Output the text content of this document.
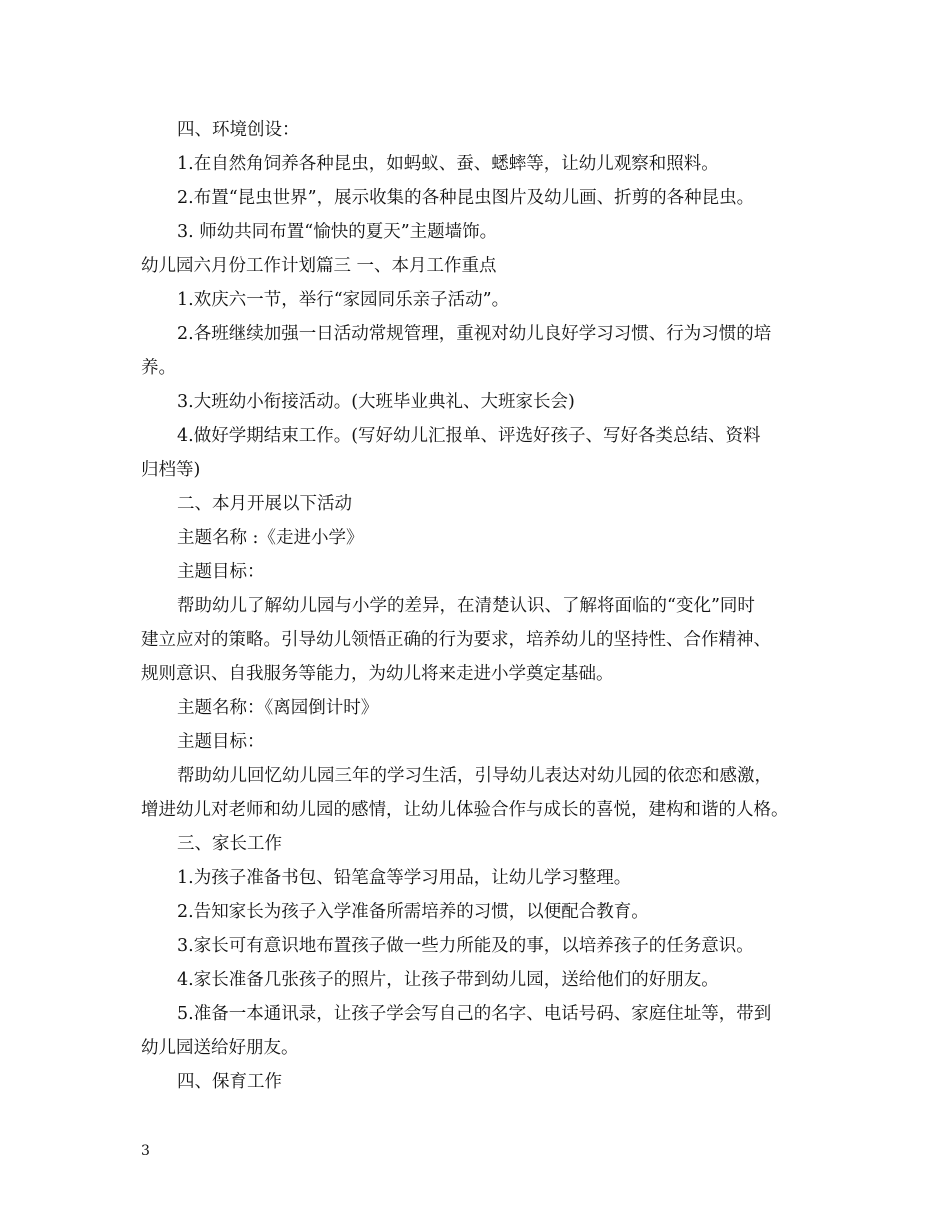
四、环境创设：
1.在自然角饲养各种昆虫，如蚂蚁、蚕、蟋蟀等，让幼儿观察和照料。
2.布置“昆虫世界”，展示收集的各种昆虫图片及幼儿画、折剪的各种昆虫。
3. 师幼共同布置“愉快的夏天”主题墙饰。
幼儿园六月份工作计划篇三 一、本月工作重点
1.欢庆六一节，举行“家园同乐亲子活动”。
2.各班继续加强一日活动常规管理，重视对幼儿良好学习习惯、行为习惯的培
养。
3.大班幼小衔接活动。(大班毕业典礼、大班家长会)
4.做好学期结束工作。(写好幼儿汇报单、评选好孩子、写好各类总结、资料
归档等)
二、本月开展以下活动
主题名称 :《走进小学》
主题目标：
帮助幼儿了解幼儿园与小学的差异，在清楚认识、了解将面临的“变化”同时
建立应对的策略。引导幼儿领悟正确的行为要求，培养幼儿的坚持性、合作精神、
规则意识、自我服务等能力，为幼儿将来走进小学奠定基础。
主题名称：《离园倒计时》
主题目标：
帮助幼儿回忆幼儿园三年的学习生活，引导幼儿表达对幼儿园的依恋和感激，
增进幼儿对老师和幼儿园的感情，让幼儿体验合作与成长的喜悦，建构和谐的人格。
三、家长工作
1.为孩子准备书包、铅笔盒等学习用品，让幼儿学习整理。
2.告知家长为孩子入学准备所需培养的习惯，以便配合教育。
3.家长可有意识地布置孩子做一些力所能及的事，以培养孩子的任务意识。
4.家长准备几张孩子的照片，让孩子带到幼儿园，送给他们的好朋友。
5.准备一本通讯录，让孩子学会写自己的名字、电话号码、家庭住址等，带到
幼儿园送给好朋友。
四、保育工作
3
